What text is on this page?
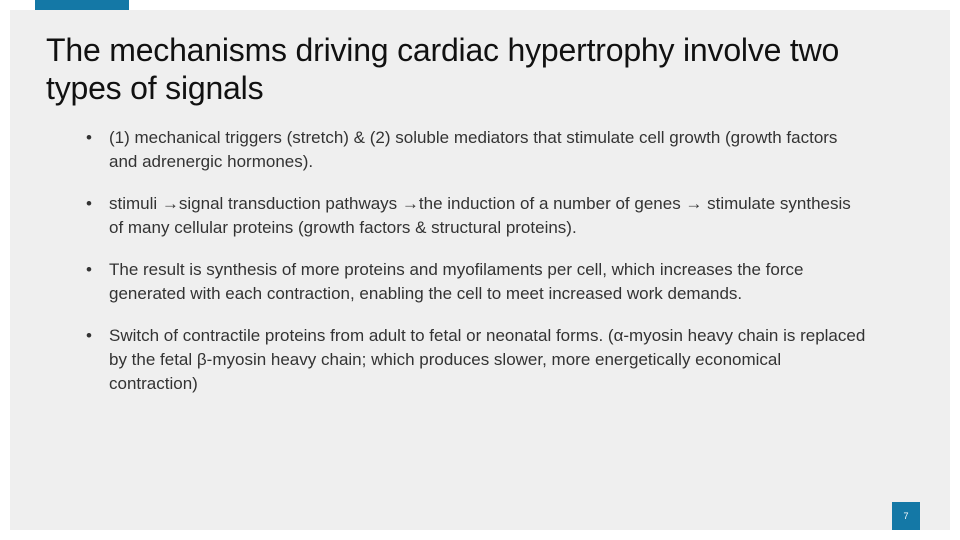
The mechanisms driving cardiac hypertrophy involve two types of signals
•	(1) mechanical triggers (stretch) & (2) soluble mediators that stimulate cell growth (growth factors and adrenergic hormones).
•	stimuli →signal transduction pathways →the induction of a number of genes → stimulate synthesis of many cellular proteins (growth factors & structural proteins).
•	The result is synthesis of more proteins and myofilaments per cell, which increases the force generated with each contraction, enabling the cell to meet increased work demands.
•	Switch of contractile proteins from adult to fetal or neonatal forms. (α-myosin heavy chain is replaced by the fetal β-myosin heavy chain; which produces slower, more energetically economical contraction)
7
